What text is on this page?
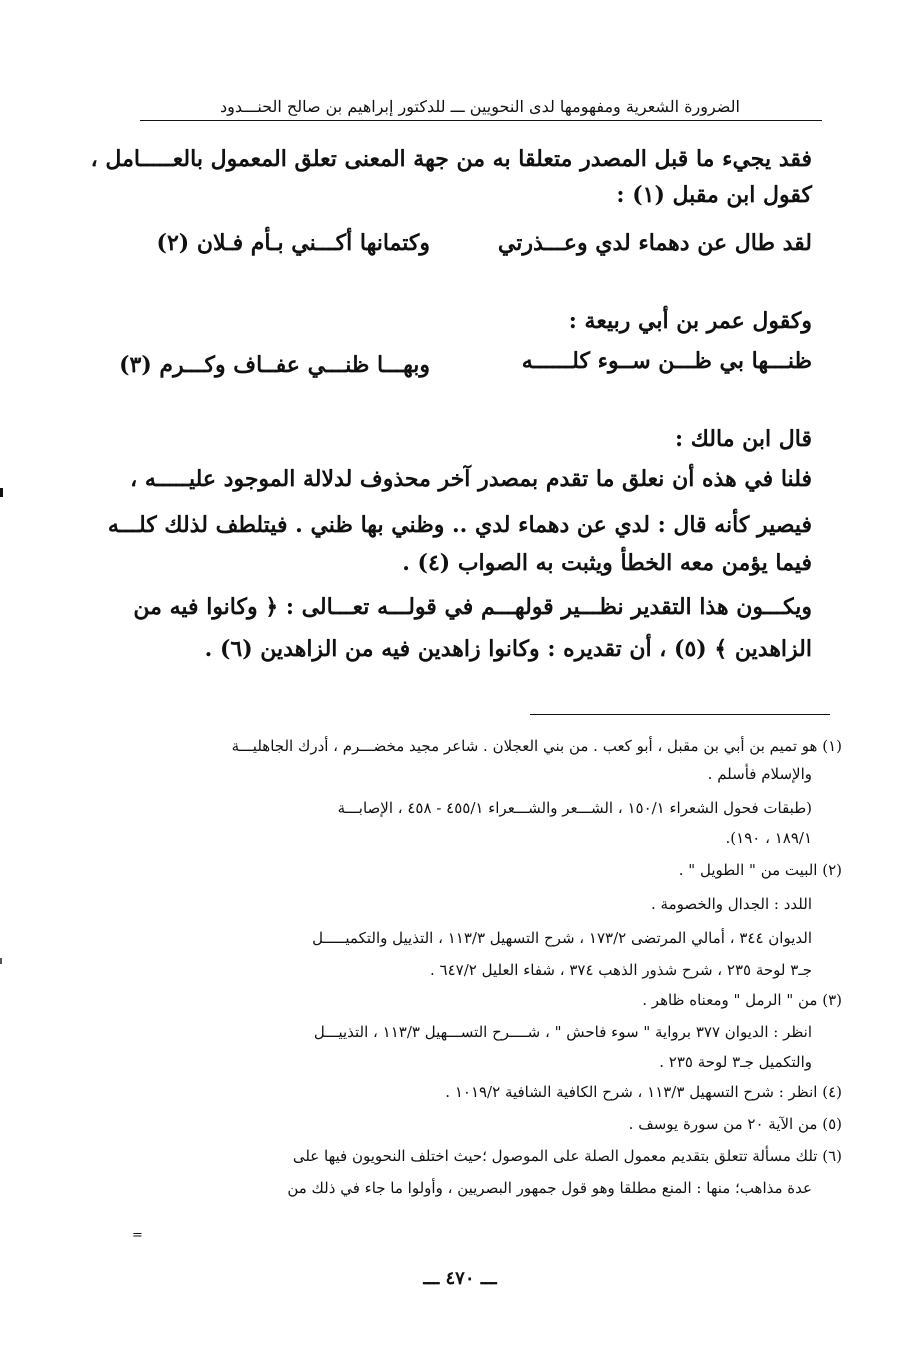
الضرورة الشعرية ومفهومها لدى النحويين ـــ للدكتور إبراهيم بن صالح الحنـــدود
فقد يجيء ما قبل المصدر متعلقا به من جهة المعنى تعلق المعمول بالعـــــامل ،
كقول ابن مقبل (١) :
لقد طال عن دهماء لدي وعـــذرتي
وكتمانها أكـــني بـأم فـلان (٢)
وكقول عمر بن أبي ربيعة :
ظنـــها بي ظـــن ســوء كلــــــه
وبهـــا ظنـــي عفــاف وكـــرم (٣)
قال ابن مالك :
فلنا في هذه أن نعلق ما تقدم بمصدر آخر محذوف لدلالة الموجود عليـــــه ،
فيصير كأنه قال : لدي عن دهماء لدي .. وظني بها ظني . فيتلطف لذلك كلـــه
فيما يؤمن معه الخطأ ويثبت به الصواب (٤) .
ويكـــون هذا التقدير نظـــير قولهـــم في قولـــه تعـــالى : ﴿ وكانوا فيه من
الزاهدين ﴾ (٥) ، أن تقديره : وكانوا زاهدين فيه من الزاهدين (٦) .
(١) هو تميم بن أبي بن مقبل ، أبو كعب . من بني العجلان . شاعر مجيد مخضـــرم ، أدرك الجاهليـــة
والإسلام فأسلم .
(طبقات فحول الشعراء ١٥٠/١ ، الشـــعر والشـــعراء ٤٥٥/١ - ٤٥٨ ، الإصابـــة
١٨٩/١ ، ١٩٠).
(٢) البيت من " الطويل " .
اللدد : الجدال والخصومة .
الديوان ٣٤٤ ، أمالي المرتضى ١٧٣/٢ ، شرح التسهيل ١١٣/٣ ، التذييل والتكميـــــل
جـ٣ لوحة ٢٣٥ ، شرح شذور الذهب ٣٧٤ ، شفاء العليل ٦٤٧/٢ .
(٣) من " الرمل " ومعناه ظاهر .
انظر : الديوان ٣٧٧ برواية " سوء فاحش " ، شــــرح التســـهيل ١١٣/٣ ، التذييـــل
والتكميل جـ٣ لوحة ٢٣٥ .
(٤) انظر : شرح التسهيل ١١٣/٣ ، شرح الكافية الشافية ١٠١٩/٢ .
(٥) من الآية ٢٠ من سورة يوسف .
(٦) تلك مسألة تتعلق بتقديم معمول الصلة على الموصول ؛حيث اختلف النحويون فيها على
عدة مذاهب؛ منها : المنع مطلقا وهو قول جمهور البصريين ، وأولوا ما جاء في ذلك من
=
ـــ ٤٧٠ ـــ
